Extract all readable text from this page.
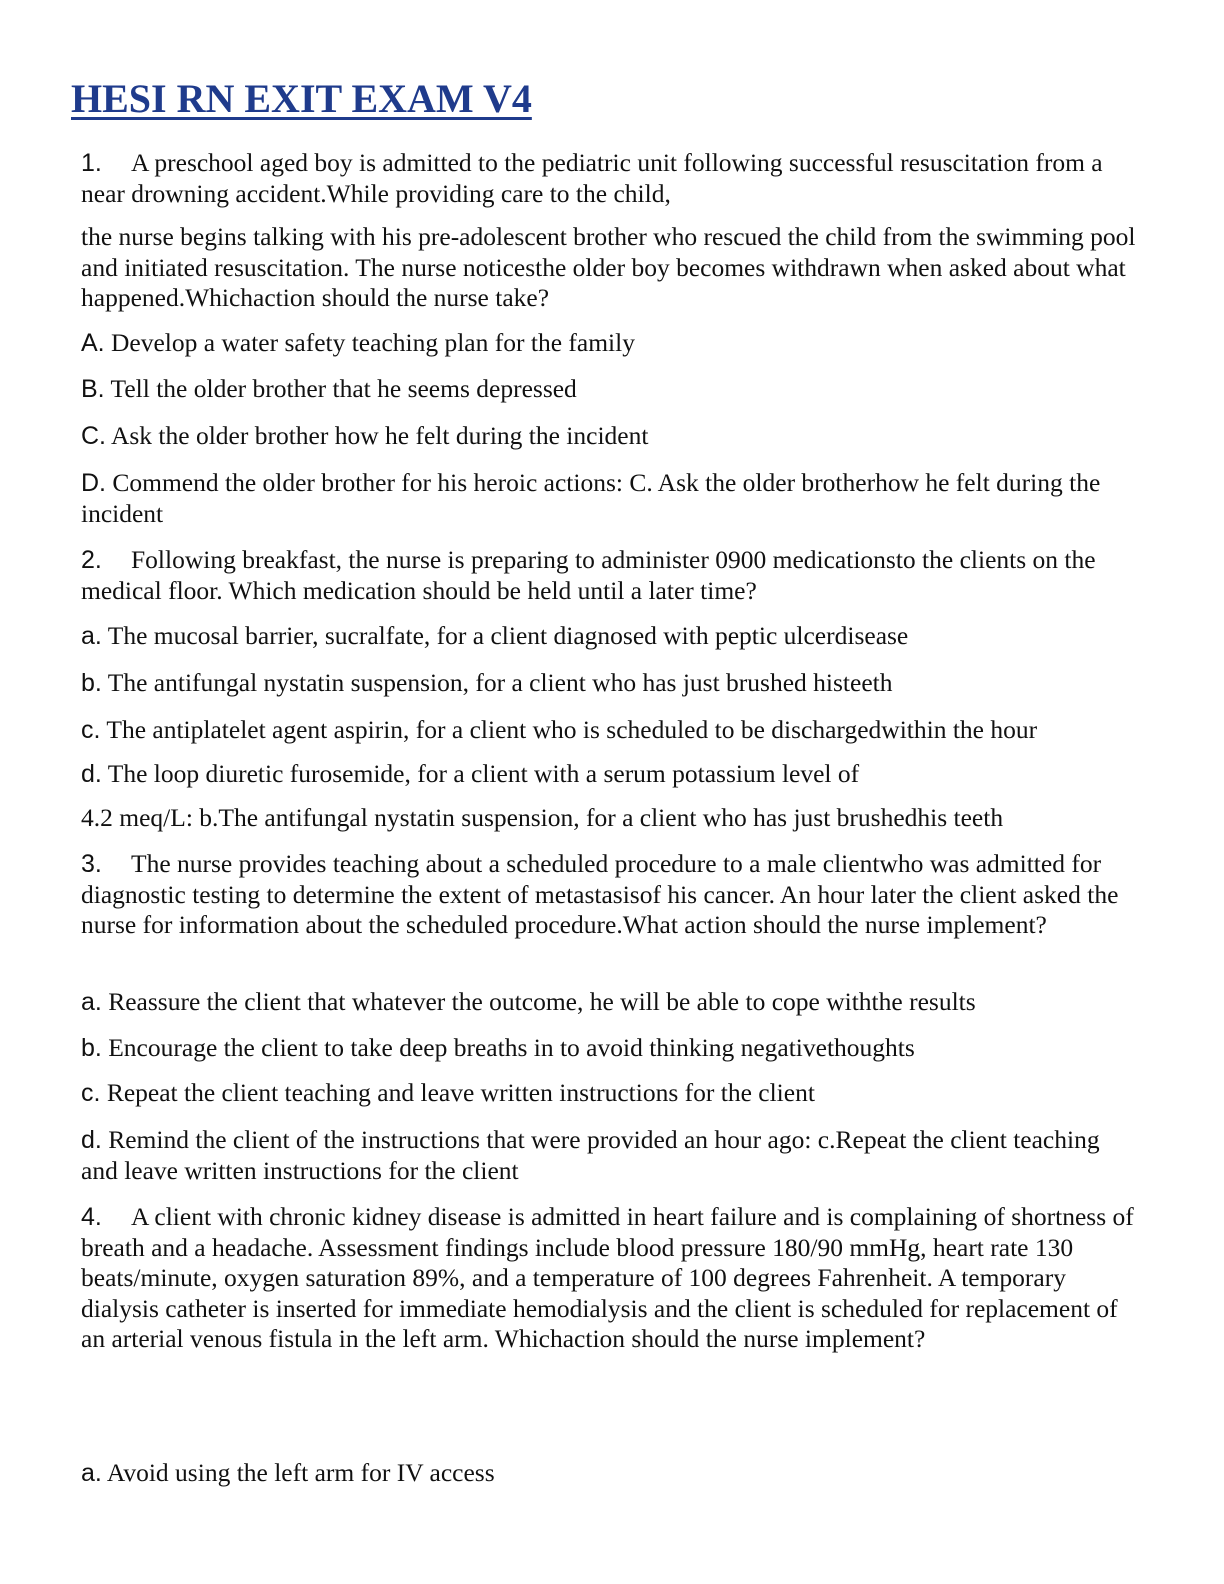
HESI RN EXIT EXAM V4
1. A preschool aged boy is admitted to the pediatric unit following successful resuscitation from a near drowning accident.While providing care to the child,
the nurse begins talking with his pre-adolescent brother who rescued the child from the swimming pool and initiated resuscitation. The nurse noticesthe older boy becomes withdrawn when asked about what happened.Whichaction should the nurse take?
A. Develop a water safety teaching plan for the family
B. Tell the older brother that he seems depressed
C. Ask the older brother how he felt during the incident
D. Commend the older brother for his heroic actions: C. Ask the older brotherhow he felt during the incident
2. Following breakfast, the nurse is preparing to administer 0900 medicationsto the clients on the medical floor. Which medication should be held until a later time?
a. The mucosal barrier, sucralfate, for a client diagnosed with peptic ulcerdisease
b. The antifungal nystatin suspension, for a client who has just brushed histeeth
c. The antiplatelet agent aspirin, for a client who is scheduled to be dischargedwithin the hour
d. The loop diuretic furosemide, for a client with a serum potassium level of
4.2 meq/L: b.The antifungal nystatin suspension, for a client who has just brushedhis teeth
3. The nurse provides teaching about a scheduled procedure to a male clientwho was admitted for diagnostic testing to determine the extent of metastasisof his cancer. An hour later the client asked the nurse for information about the scheduled procedure.What action should the nurse implement?
a. Reassure the client that whatever the outcome, he will be able to cope withthe results
b. Encourage the client to take deep breaths in to avoid thinking negativethoughts
c. Repeat the client teaching and leave written instructions for the client
d. Remind the client of the instructions that were provided an hour ago: c.Repeat the client teaching and leave written instructions for the client
4. A client with chronic kidney disease is admitted in heart failure and is complaining of shortness of breath and a headache. Assessment findings include blood pressure 180/90 mmHg, heart rate 130 beats/minute, oxygen saturation 89%, and a temperature of 100 degrees Fahrenheit. A temporary dialysis catheter is inserted for immediate hemodialysis and the client is scheduled for replacement of an arterial venous fistula in the left arm. Whichaction should the nurse implement?
a. Avoid using the left arm for IV access
